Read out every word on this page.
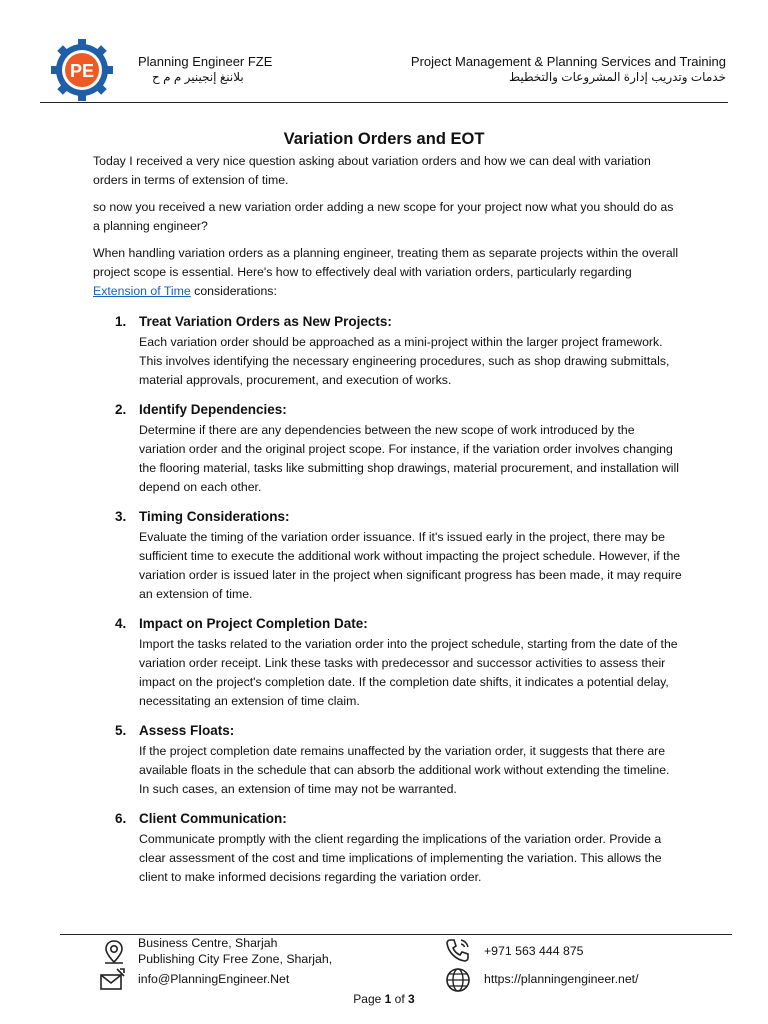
PE	Planning Engineer FZE
بلاننغ إنجينير م م ح
Project Management & Planning Services and Training
خدمات وتدريب إدارة المشروعات والتخطيط
Variation Orders and EOT

Today I received a very nice question asking about variation orders and how we can deal with variation orders in terms of extension of time.

so now you received a new variation order adding a new scope for your project now what you should do as a planning engineer?

When handling variation orders as a planning engineer, treating them as separate projects within the overall project scope is essential. Here's how to effectively deal with variation orders, particularly regarding Extension of Time considerations:

1. Treat Variation Orders as New Projects:
Each variation order should be approached as a mini-project within the larger project framework. This involves identifying the necessary engineering procedures, such as shop drawing submittals, material approvals, procurement, and execution of works.
2. Identify Dependencies:
Determine if there are any dependencies between the new scope of work introduced by the variation order and the original project scope. For instance, if the variation order involves changing the flooring material, tasks like submitting shop drawings, material procurement, and installation will depend on each other.
3. Timing Considerations:
Evaluate the timing of the variation order issuance. If it's issued early in the project, there may be sufficient time to execute the additional work without impacting the project schedule. However, if the variation order is issued later in the project when significant progress has been made, it may require an extension of time.
4. Impact on Project Completion Date:
Import the tasks related to the variation order into the project schedule, starting from the date of the variation order receipt. Link these tasks with predecessor and successor activities to assess their impact on the project's completion date. If the completion date shifts, it indicates a potential delay, necessitating an extension of time claim.
5. Assess Floats:
If the project completion date remains unaffected by the variation order, it suggests that there are available floats in the schedule that can absorb the additional work without extending the timeline. In such cases, an extension of time may not be warranted.
6. Client Communication:
Communicate promptly with the client regarding the implications of the variation order. Provide a clear assessment of the cost and time implications of implementing the variation. This allows the client to make informed decisions regarding the variation order.
Business Centre, Sharjah
Publishing City Free Zone, Sharjah,
info@PlanningEngineer.Net
+971 563 444 875
https://planningengineer.net/
Page 1 of 3
